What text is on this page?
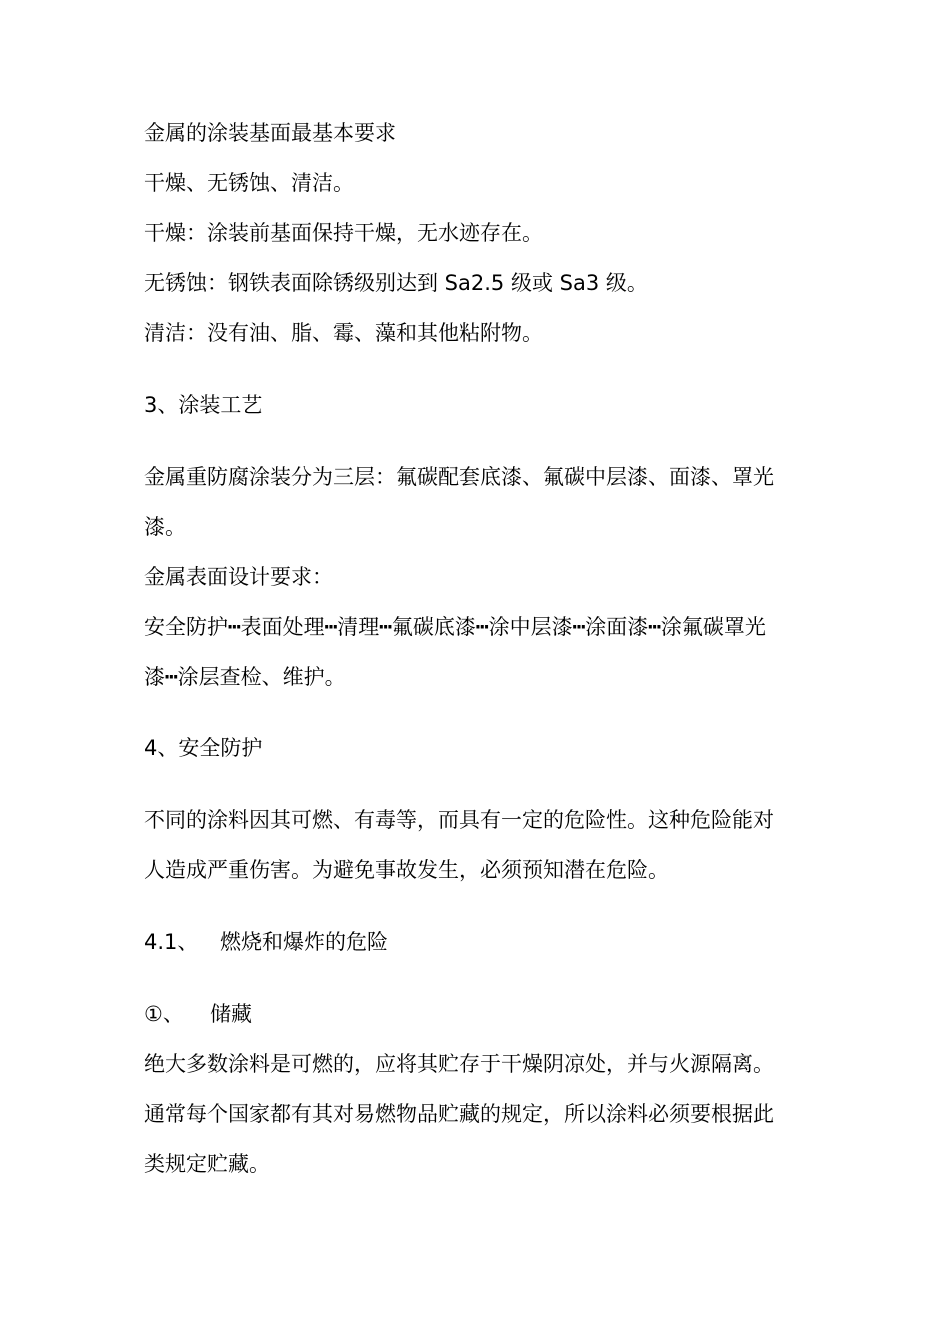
金属的涂装基面最基本要求
干燥、无锈蚀、清洁。
干燥：涂装前基面保持干燥，无水迹存在。
无锈蚀：钢铁表面除锈级别达到 Sa2.5 级或 Sa3 级。
清洁：没有油、脂、霉、藻和其他粘附物。
3、涂装工艺
金属重防腐涂装分为三层：氟碳配套底漆、氟碳中层漆、面漆、罩光
漆。
金属表面设计要求：
安全防护┅表面处理┅清理┅氟碳底漆┅涂中层漆┅涂面漆┅涂氟碳罩光
漆┅涂层查检、维护。
4、安全防护
不同的涂料因其可燃、有毒等，而具有一定的危险性。这种危险能对
人造成严重伤害。为避免事故发生，必须预知潜在危险。
4.1、 燃烧和爆炸的危险
①、 储藏
绝大多数涂料是可燃的，应将其贮存于干燥阴凉处，并与火源隔离。
通常每个国家都有其对易燃物品贮藏的规定，所以涂料必须要根据此
类规定贮藏。
